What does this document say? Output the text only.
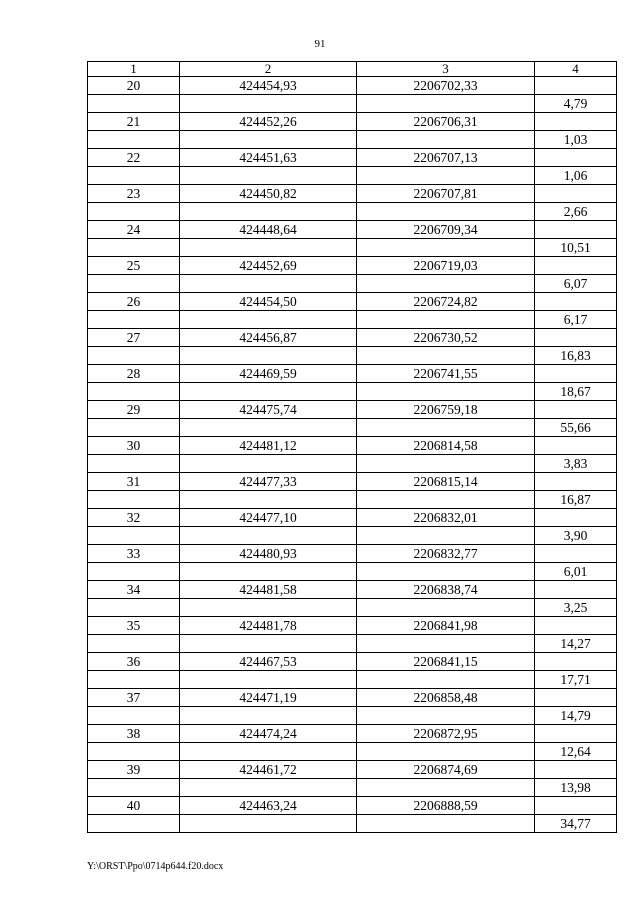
91
1	2	3	4
20	424454,93	2206702,33	
			4,79
21	424452,26	2206706,31	
			1,03
22	424451,63	2206707,13	
			1,06
23	424450,82	2206707,81	
			2,66
24	424448,64	2206709,34	
			10,51
25	424452,69	2206719,03	
			6,07
26	424454,50	2206724,82	
			6,17
27	424456,87	2206730,52	
			16,83
28	424469,59	2206741,55	
			18,67
29	424475,74	2206759,18	
			55,66
30	424481,12	2206814,58	
			3,83
31	424477,33	2206815,14	
			16,87
32	424477,10	2206832,01	
			3,90
33	424480,93	2206832,77	
			6,01
34	424481,58	2206838,74	
			3,25
35	424481,78	2206841,98	
			14,27
36	424467,53	2206841,15	
			17,71
37	424471,19	2206858,48	
			14,79
38	424474,24	2206872,95	
			12,64
39	424461,72	2206874,69	
			13,98
40	424463,24	2206888,59	
			34,77
Y:\ORST\Ppo\0714p644.f20.docx
